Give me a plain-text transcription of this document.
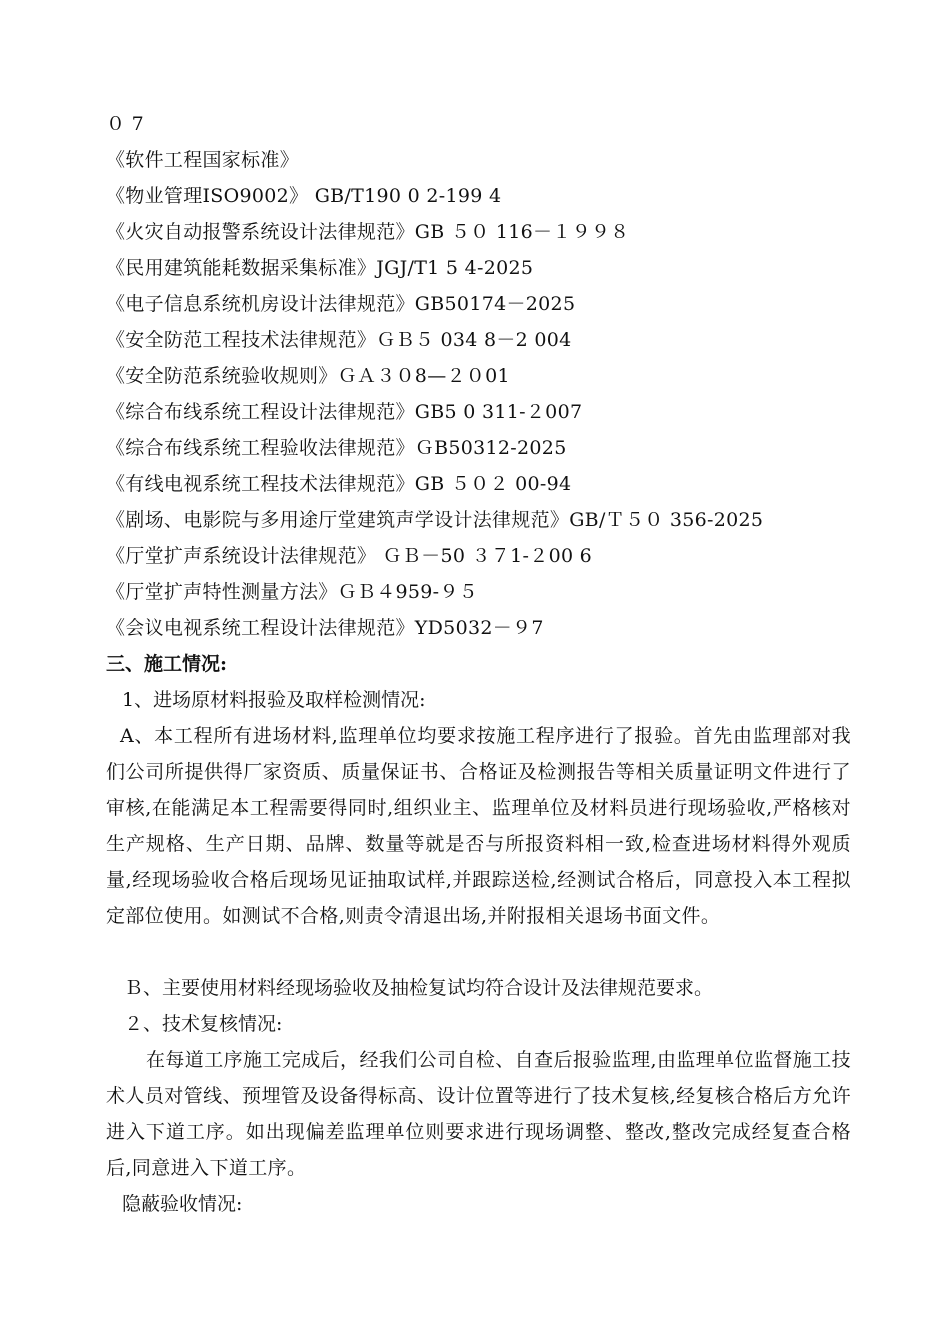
０ 7
《软件工程国家标准》
《物业管理ISO9002》 GB/T190 0 2-199 4
《火灾自动报警系统设计法律规范》GB ５０ 116－１９９８
《民用建筑能耗数据采集标准》JGJ/T1 5 4-2025
《电子信息系统机房设计法律规范》GB50174－2025
《安全防范工程技术法律规范》ＧＢ５ 034 8－2 004
《安全防范系统验收规则》ＧＡ３０8—２０01
《综合布线系统工程设计法律规范》GB5 0 311-２007
《综合布线系统工程验收法律规范》ＧB50312-2025
《有线电视系统工程技术法律规范》GB ５０２ 00-94
《剧场、电影院与多用途厅堂建筑声学设计法律规范》GB/Ｔ５０ 356-2025
《厅堂扩声系统设计法律规范》 ＧＢ－50 ３７1-２00 6
《厅堂扩声特性测量方法》ＧＢ４959-９５
《会议电视系统工程设计法律规范》YD5032－９7
三、施工情况:
1、进场原材料报验及取样检测情况:
A、本工程所有进场材料,监理单位均要求按施工程序进行了报验。首先由监理部对我们公司所提供得厂家资质、质量保证书、合格证及检测报告等相关质量证明文件进行了审核,在能满足本工程需要得同时,组织业主、监理单位及材料员进行现场验收,严格核对生产规格、生产日期、品牌、数量等就是否与所报资料相一致,检查进场材料得外观质量,经现场验收合格后现场见证抽取试样,并跟踪送检,经测试合格后，同意投入本工程拟定部位使用。如测试不合格,则责令清退出场,并附报相关退场书面文件。
Ｂ、主要使用材料经现场验收及抽检复试均符合设计及法律规范要求。
２、技术复核情况:
在每道工序施工完成后，经我们公司自检、自查后报验监理,由监理单位监督施工技术人员对管线、预埋管及设备得标高、设计位置等进行了技术复核,经复核合格后方允许进入下道工序。如出现偏差监理单位则要求进行现场调整、整改,整改完成经复查合格后,同意进入下道工序。
隐蔽验收情况:
